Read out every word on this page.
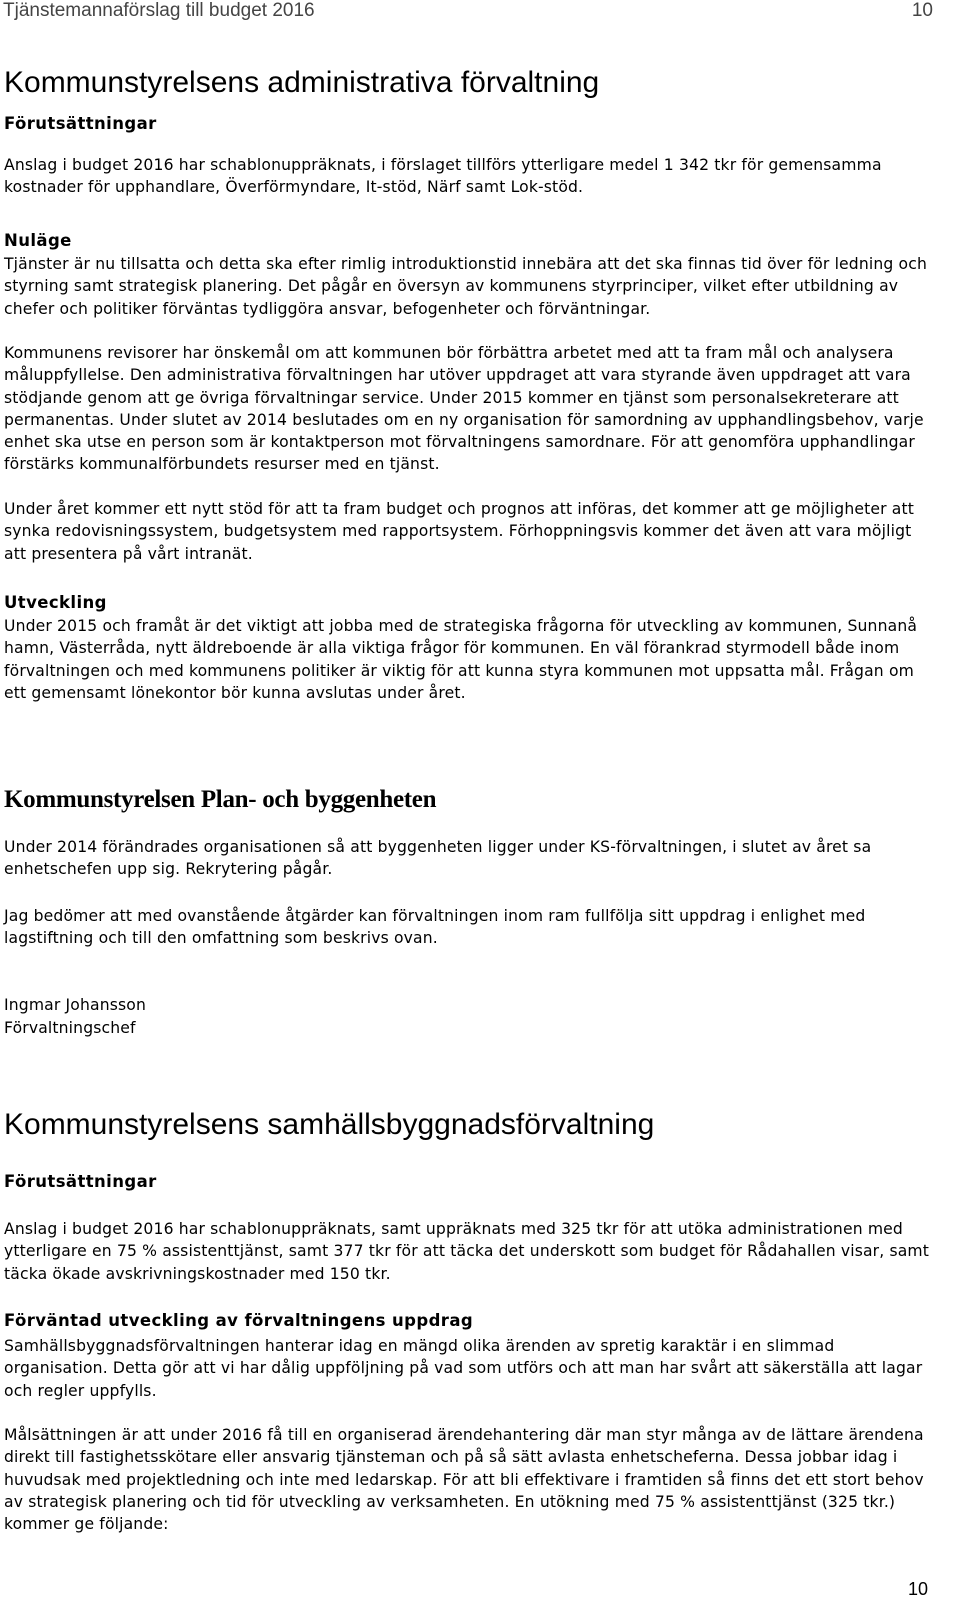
Tjänstemannaförslag till budget 2016	10
Kommunstyrelsens administrativa förvaltning
Förutsättningar

Anslag i budget 2016 har schablonuppräknats, i förslaget tillförs ytterligare medel 1 342 tkr för gemensamma kostnader för upphandlare, Överförmyndare, It-stöd, Närf samt Lok-stöd.

Nuläge

Tjänster är nu tillsatta och detta ska efter rimlig introduktionstid innebära att det ska finnas tid över för ledning och styrning samt strategisk planering. Det pågår en översyn av kommunens styrprinciper, vilket efter utbildning av chefer och politiker förväntas tydliggöra ansvar, befogenheter och förväntningar.

Kommunens revisorer har önskemål om att kommunen bör förbättra arbetet med att ta fram mål och analysera måluppfyllelse. Den administrativa förvaltningen har utöver uppdraget att vara styrande även uppdraget att vara stödjande genom att ge övriga förvaltningar service. Under 2015 kommer en tjänst som personalsekreterare att permanentas. Under slutet av 2014 beslutades om en ny organisation för samordning av upphandlingsbehov, varje enhet ska utse en person som är kontaktperson mot förvaltningens samordnare. För att genomföra upphandlingar förstärks kommunalförbundets resurser med en tjänst.

Under året kommer ett nytt stöd för att ta fram budget och prognos att införas, det kommer att ge möjligheter att synka redovisningssystem, budgetsystem med rapportsystem. Förhoppningsvis kommer det även att vara möjligt att presentera på vårt intranät.

Utveckling

Under 2015 och framåt är det viktigt att jobba med de strategiska frågorna för utveckling av kommunen, Sunnanå hamn, Västerråda, nytt äldreboende är alla viktiga frågor för kommunen. En väl förankrad styrmodell både inom förvaltningen och med kommunens politiker är viktig för att kunna styra kommunen mot uppsatta mål. Frågan om ett gemensamt lönekontor bör kunna avslutas under året.

Kommunstyrelsen Plan- och byggenheten

Under 2014 förändrades organisationen så att byggenheten ligger under KS-förvaltningen, i slutet av året sa enhetschefen upp sig. Rekrytering pågår.

Jag bedömer att med ovanstående åtgärder kan förvaltningen inom ram fullfölja sitt uppdrag i enlighet med lagstiftning och till den omfattning som beskrivs ovan.

Ingmar Johansson
Förvaltningschef
Kommunstyrelsens samhällsbyggnadsförvaltning
Förutsättningar

Anslag i budget 2016 har schablonuppräknats, samt uppräknats med 325 tkr för att utöka administrationen med ytterligare en 75 % assistenttjänst, samt 377 tkr för att täcka det underskott som budget för Rådahallen visar, samt täcka ökade avskrivningskostnader med 150 tkr.

Förväntad utveckling av förvaltningens uppdrag

Samhällsbyggnadsförvaltningen hanterar idag en mängd olika ärenden av spretig karaktär i en slimmad organisation. Detta gör att vi har dålig uppföljning på vad som utförs och att man har svårt att säkerställa att lagar och regler uppfylls.

Målsättningen är att under 2016 få till en organiserad ärendehantering där man styr många av de lättare ärendena direkt till fastighetsskötare eller ansvarig tjänsteman och på så sätt avlasta enhetscheferna. Dessa jobbar idag i huvudsak med projektledning och inte med ledarskap. För att bli effektivare i framtiden så finns det ett stort behov av strategisk planering och tid för utveckling av verksamheten. En utökning med 75 % assistenttjänst (325 tkr.) kommer ge följande:

10
